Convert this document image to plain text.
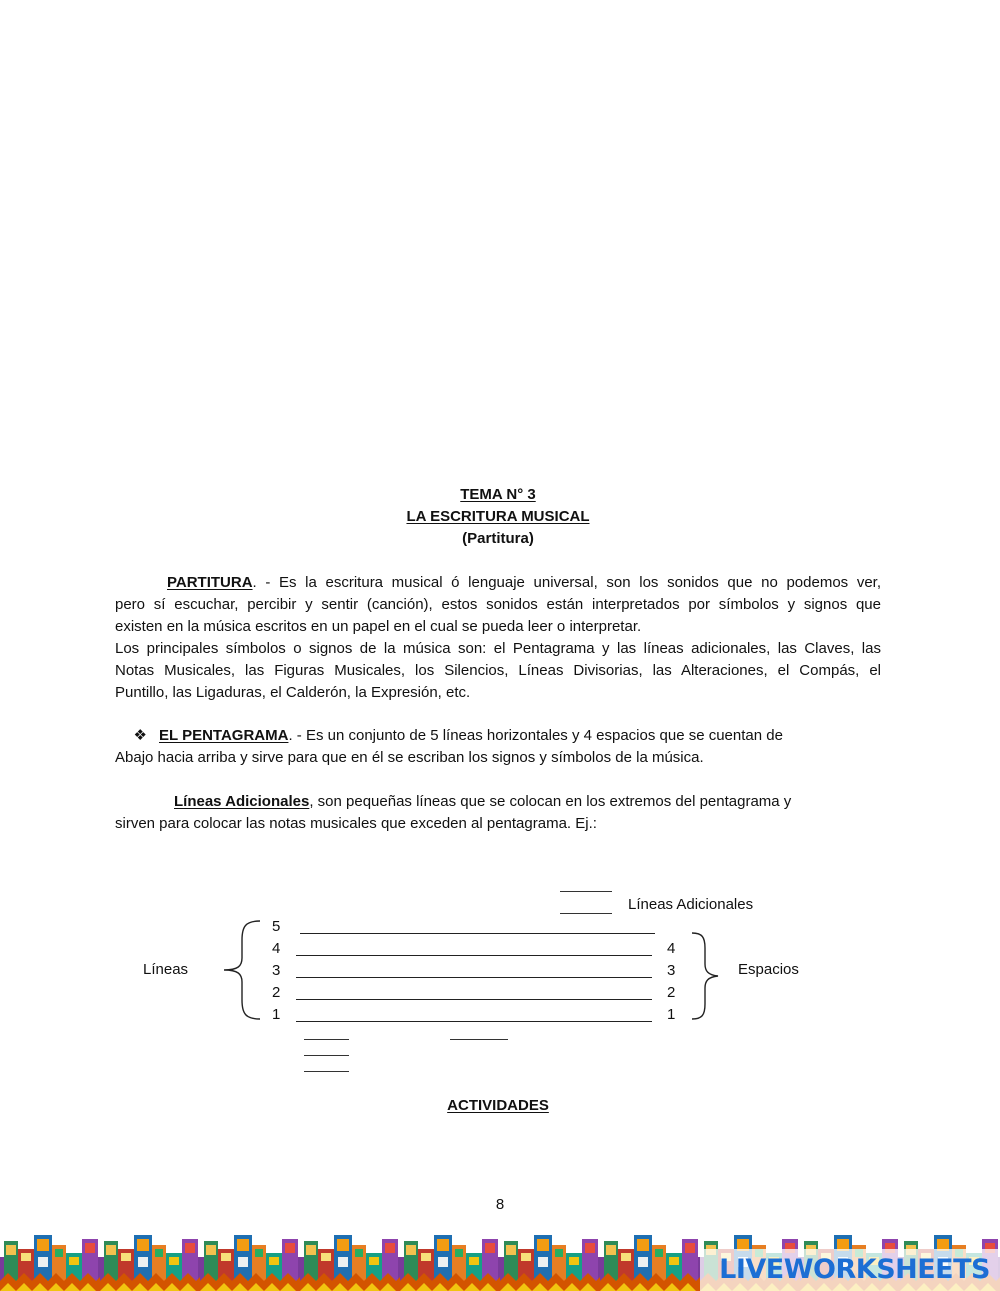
TEMA N° 3
LA ESCRITURA MUSICAL
(Partitura)

PARTITURA. - Es la escritura musical ó lenguaje universal, son los sonidos que no podemos ver,

pero sí escuchar, percibir y sentir (canción), estos sonidos están interpretados por símbolos y signos que

existen en la música escritos en un papel en el cual se pueda leer o interpretar.

Los principales símbolos o signos de la música son: el Pentagrama y las líneas adicionales, las Claves, las

Notas Musicales, las Figuras Musicales, los Silencios, Líneas Divisorias, las Alteraciones, el Compás, el

Puntillo, las Ligaduras, el Calderón, la Expresión, etc.

❖ EL PENTAGRAMA. - Es un conjunto de 5 líneas horizontales y 4 espacios que se cuentan de

Abajo hacia arriba y sirve para que en él se escriban los signos y símbolos de la música.

Líneas Adicionales, son pequeñas líneas que se colocan en los extremos del pentagrama y

sirven para colocar las notas musicales que exceden al pentagrama. Ej.:

Líneas Adicionales
5
4
3
2
1
4
3
2
1
Líneas	Espacios
ACTIVIDADES
8
LIVEWORKSHEETS
